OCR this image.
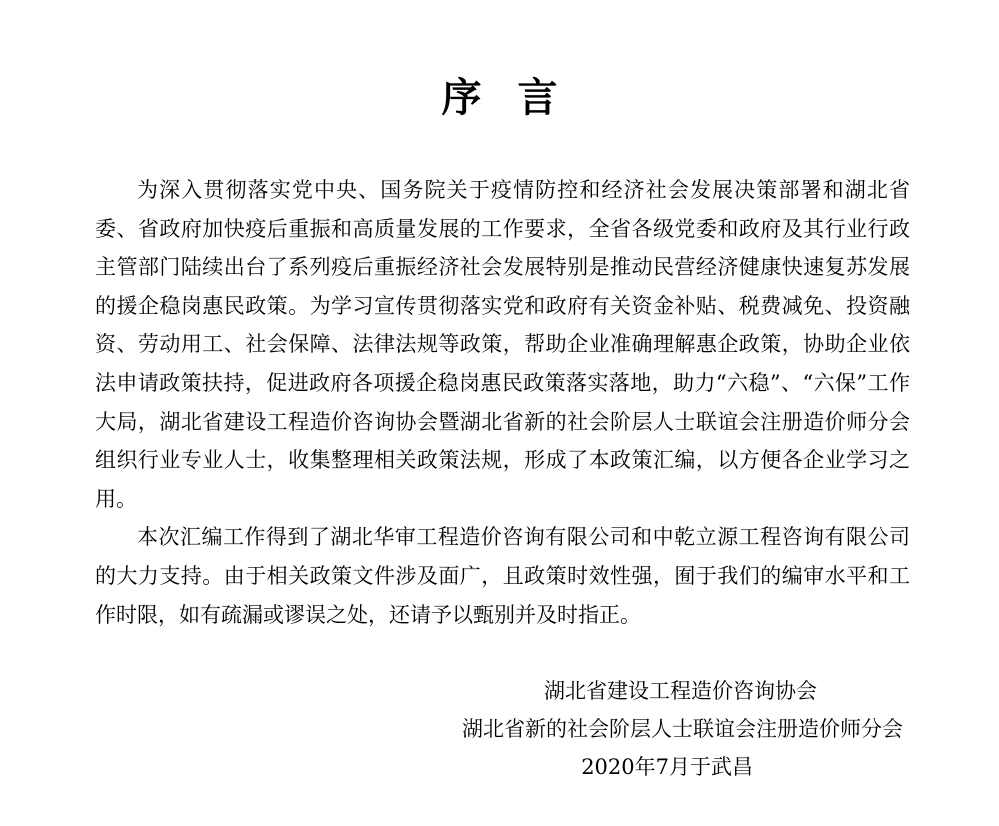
序言

为深入贯彻落实党中央、国务院关于疫情防控和经济社会发展决策部署和湖北省委、省政府加快疫后重振和高质量发展的工作要求，全省各级党委和政府及其行业行政主管部门陆续出台了系列疫后重振经济社会发展特别是推动民营经济健康快速复苏发展的援企稳岗惠民政策。为学习宣传贯彻落实党和政府有关资金补贴、税费减免、投资融资、劳动用工、社会保障、法律法规等政策，帮助企业准确理解惠企政策，协助企业依法申请政策扶持，促进政府各项援企稳岗惠民政策落实落地，助力“六稳”、“六保”工作大局，湖北省建设工程造价咨询协会暨湖北省新的社会阶层人士联谊会注册造价师分会组织行业专业人士，收集整理相关政策法规，形成了本政策汇编，以方便各企业学习之用。

本次汇编工作得到了湖北华审工程造价咨询有限公司和中乾立源工程咨询有限公司的大力支持。由于相关政策文件涉及面广，且政策时效性强，囿于我们的编审水平和工作时限，如有疏漏或谬误之处，还请予以甄别并及时指正。

湖北省建设工程造价咨询协会
湖北省新的社会阶层人士联谊会注册造价师分会
2020年7月于武昌
